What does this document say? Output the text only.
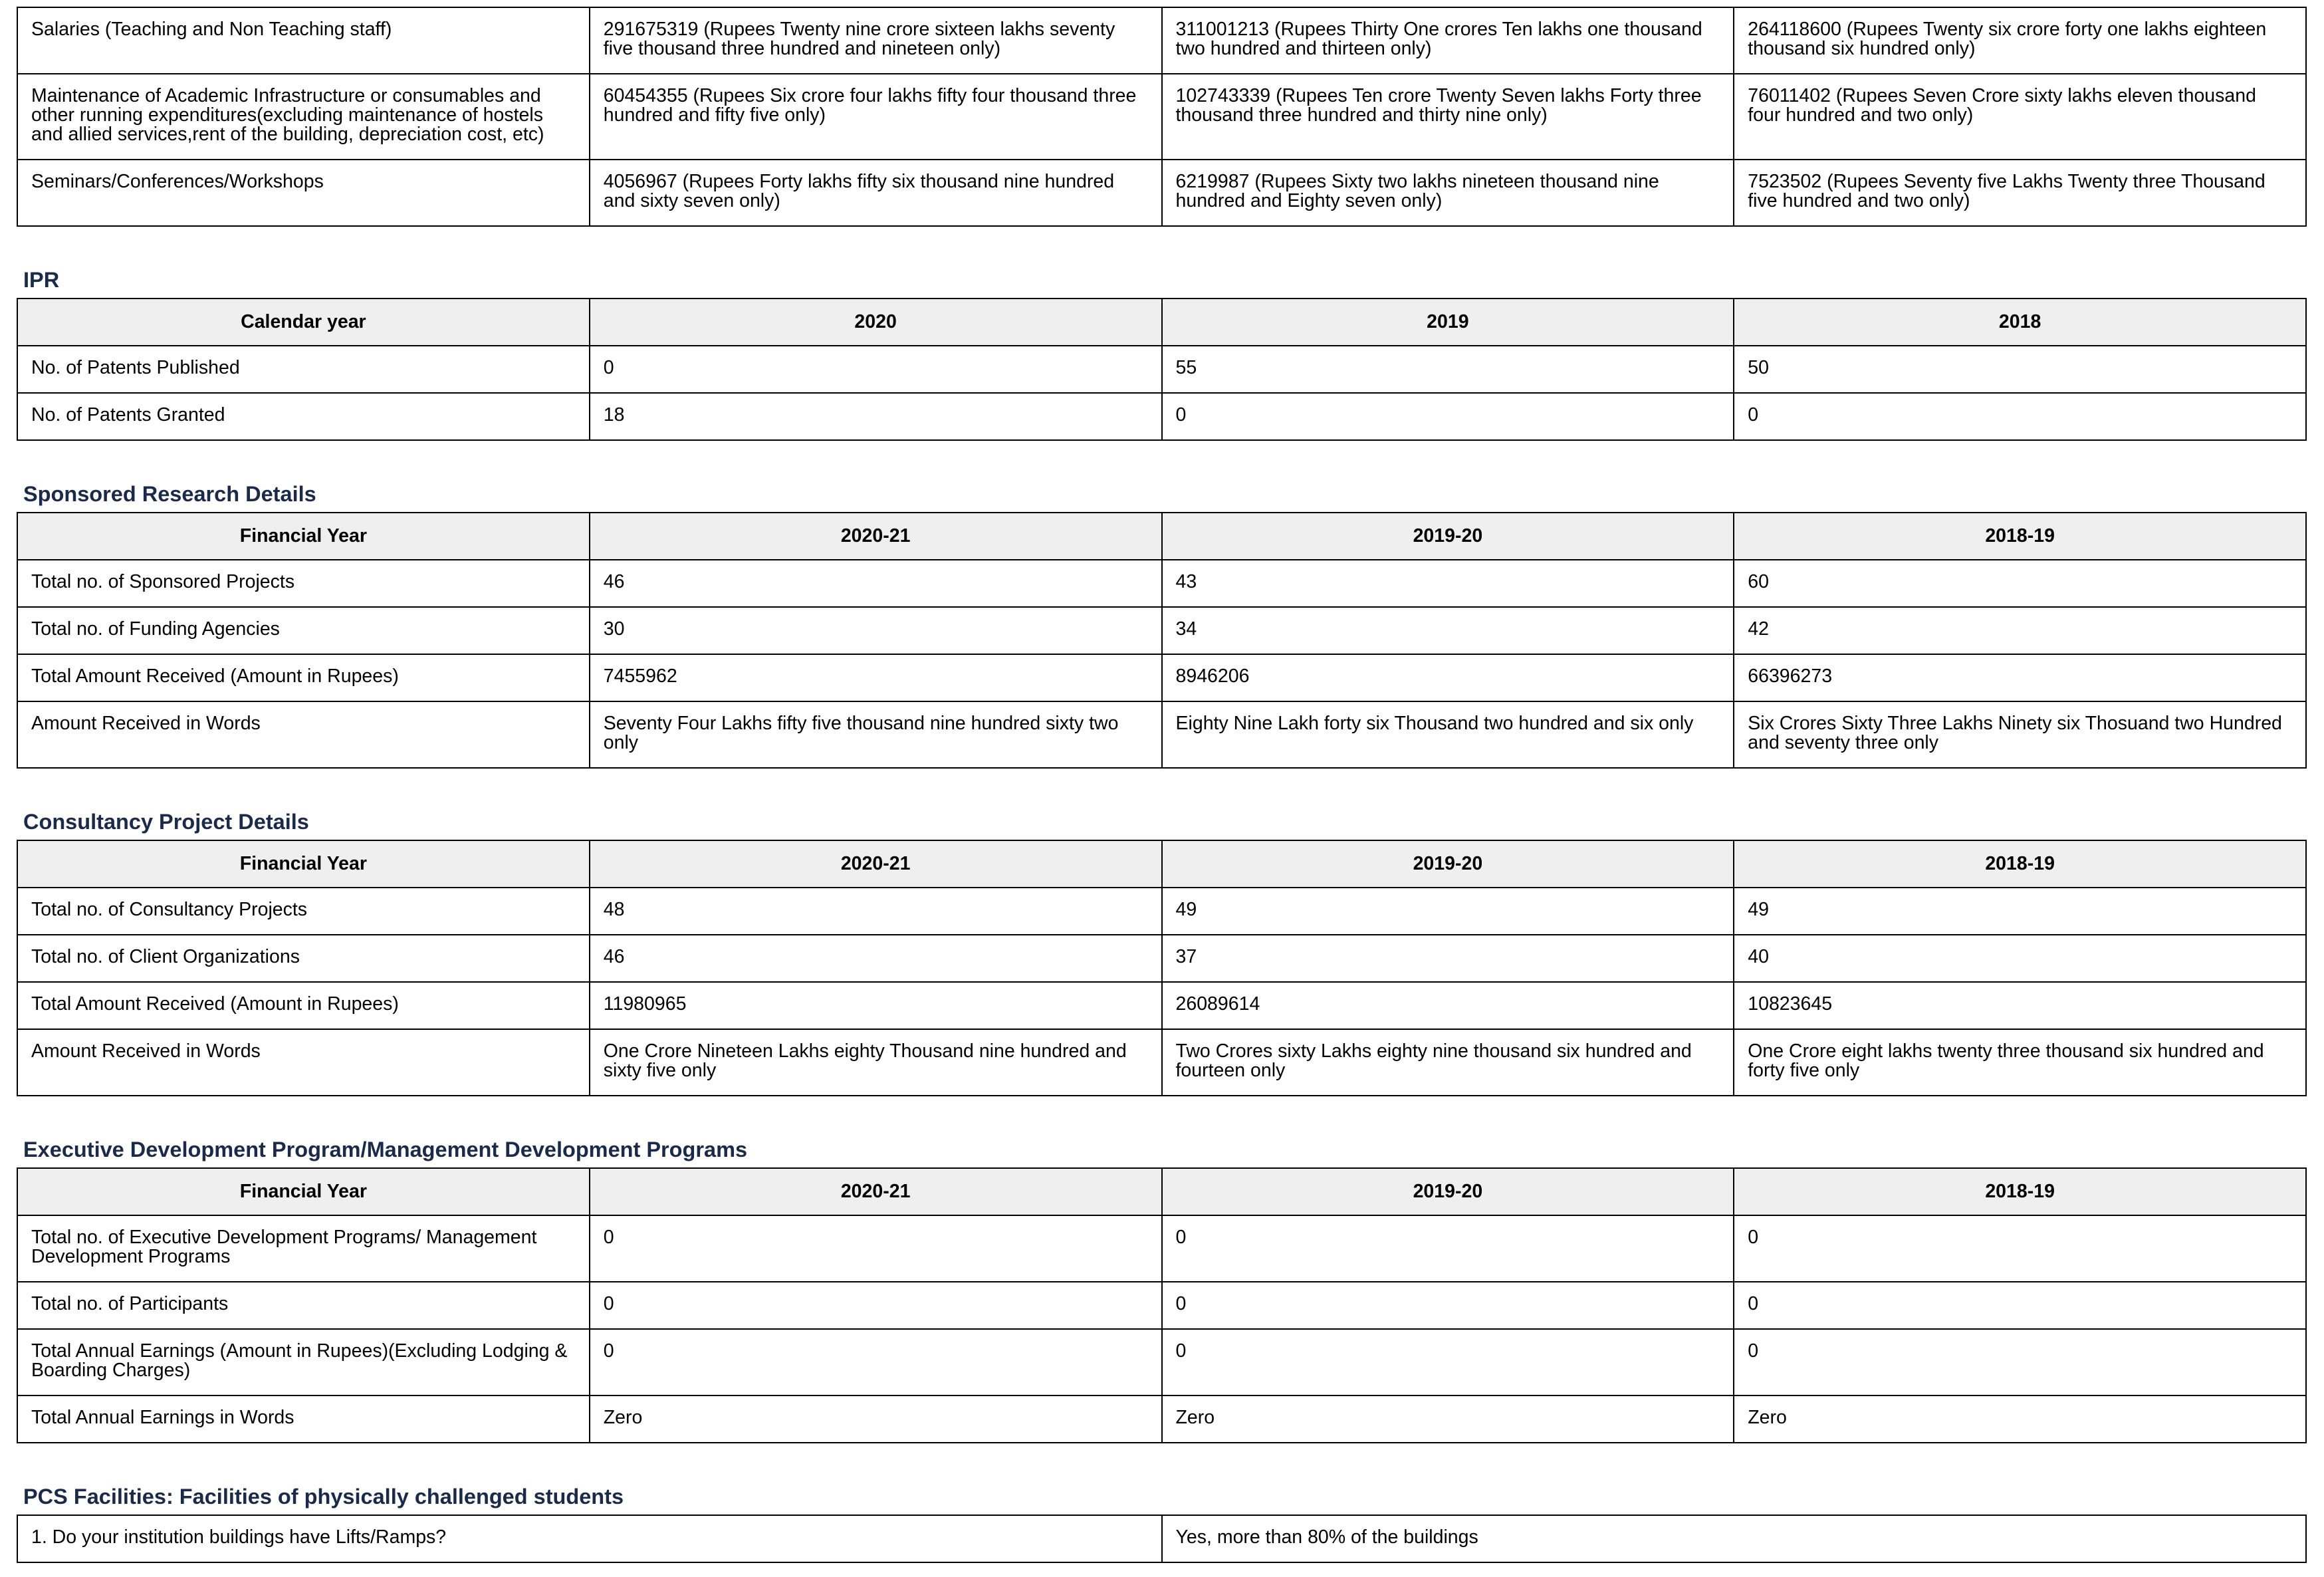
Salaries (Teaching and Non Teaching staff)	291675319 (Rupees Twenty nine crore sixteen lakhs seventy five thousand three hundred and nineteen only)	311001213 (Rupees Thirty One crores Ten lakhs one thousand two hundred and thirteen only)	264118600 (Rupees Twenty six crore forty one lakhs eighteen thousand six hundred only)
Maintenance of Academic Infrastructure or consumables and other running expenditures(excluding maintenance of hostels and allied services,rent of the building, depreciation cost, etc)	60454355 (Rupees Six crore four lakhs fifty four thousand three hundred and fifty five only)	102743339 (Rupees Ten crore Twenty Seven lakhs Forty three thousand three hundred and thirty nine only)	76011402 (Rupees Seven Crore sixty lakhs eleven thousand four hundred and two only)
Seminars/Conferences/Workshops	4056967 (Rupees Forty lakhs fifty six thousand nine hundred and sixty seven only)	6219987 (Rupees Sixty two lakhs nineteen thousand nine hundred and Eighty seven only)	7523502 (Rupees Seventy five Lakhs Twenty three Thousand five hundred and two only)
IPR
Calendar year	2020	2019	2018
No. of Patents Published	0	55	50
No. of Patents Granted	18	0	0
Sponsored Research Details
Financial Year	2020-21	2019-20	2018-19
Total no. of Sponsored Projects	46	43	60
Total no. of Funding Agencies	30	34	42
Total Amount Received (Amount in Rupees)	7455962	8946206	66396273
Amount Received in Words	Seventy Four Lakhs fifty five thousand nine hundred sixty two only	Eighty Nine Lakh forty six Thousand two hundred and six only	Six Crores Sixty Three Lakhs Ninety six Thosuand two Hundred and seventy three only
Consultancy Project Details
Financial Year	2020-21	2019-20	2018-19
Total no. of Consultancy Projects	48	49	49
Total no. of Client Organizations	46	37	40
Total Amount Received (Amount in Rupees)	11980965	26089614	10823645
Amount Received in Words	One Crore Nineteen Lakhs eighty Thousand nine hundred and sixty five only	Two Crores sixty Lakhs eighty nine thousand six hundred and fourteen only	One Crore eight lakhs twenty three thousand six hundred and forty five only
Executive Development Program/Management Development Programs
Financial Year	2020-21	2019-20	2018-19
Total no. of Executive Development Programs/ Management Development Programs	0	0	0
Total no. of Participants	0	0	0
Total Annual Earnings (Amount in Rupees)(Excluding Lodging & Boarding Charges)	0	0	0
Total Annual Earnings in Words	Zero	Zero	Zero
PCS Facilities: Facilities of physically challenged students
1. Do your institution buildings have Lifts/Ramps?	Yes, more than 80% of the buildings
